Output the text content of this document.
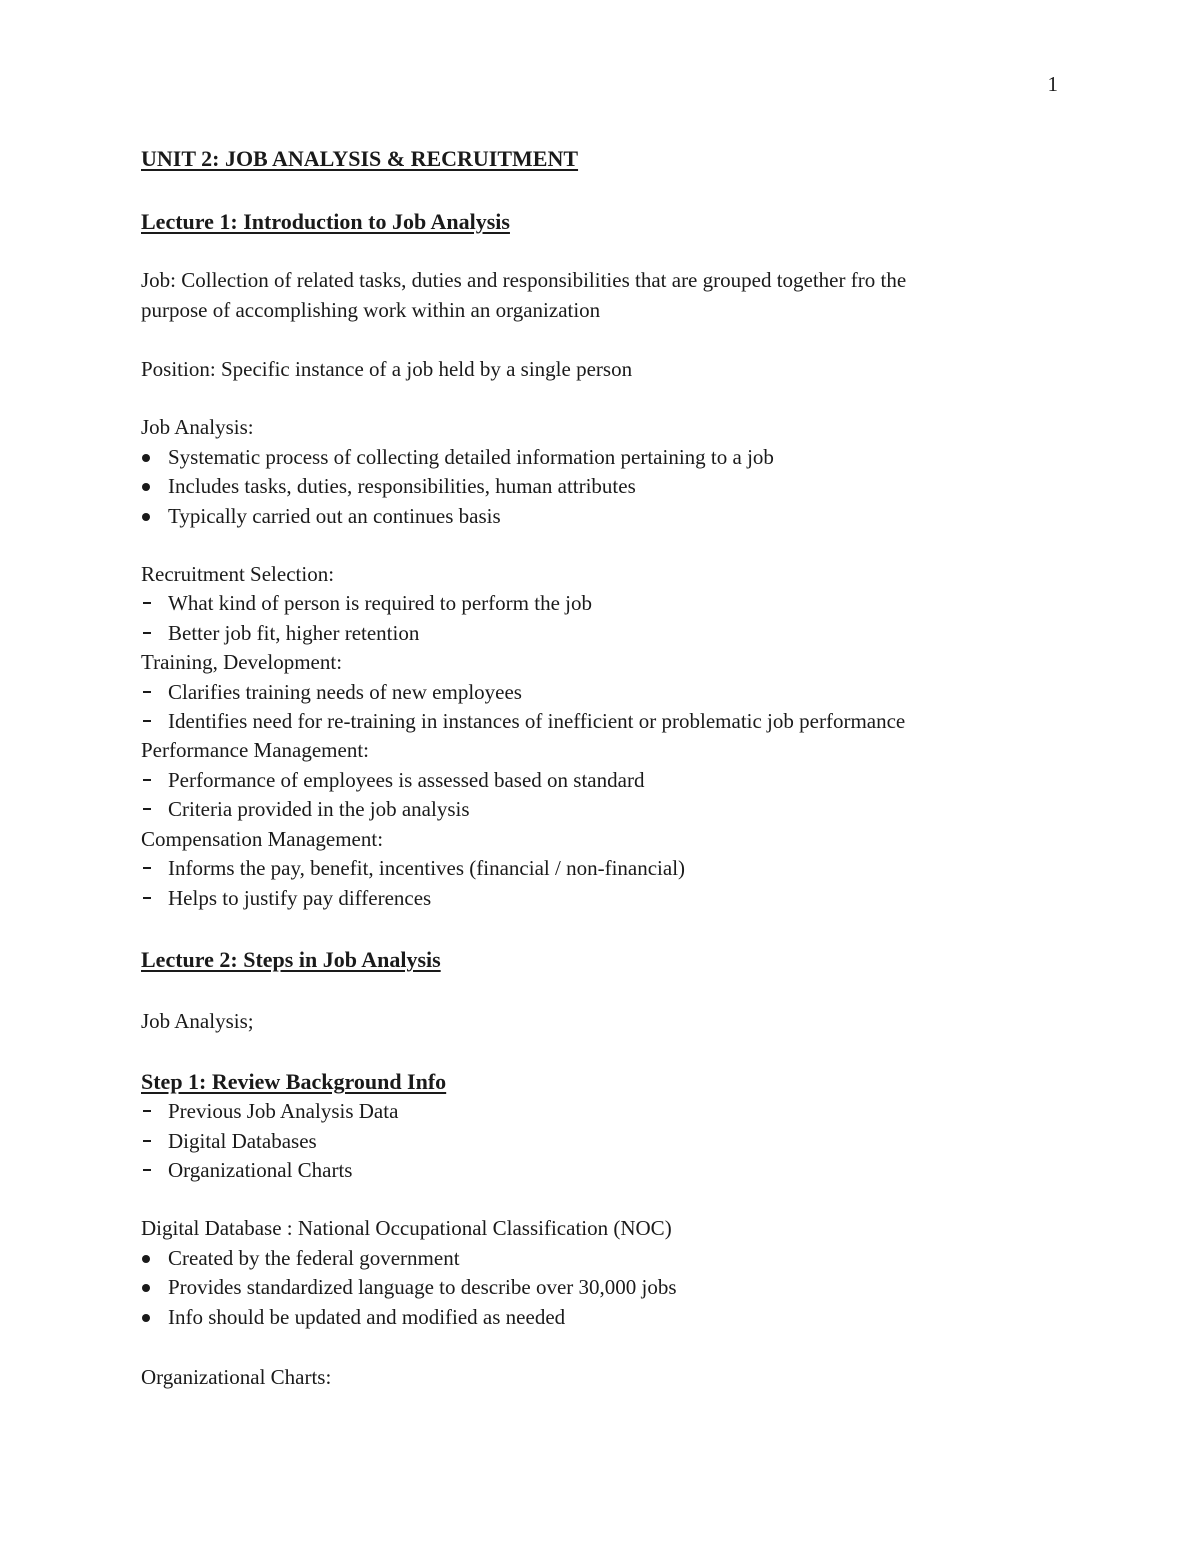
1
UNIT 2: JOB ANALYSIS & RECRUITMENT
Lecture 1: Introduction to Job Analysis
Job: Collection of related tasks, duties and responsibilities that are grouped together fro the
purpose of accomplishing work within an organization
Position: Specific instance of a job held by a single person
Job Analysis:
Systematic process of collecting detailed information pertaining to a job
Includes tasks, duties, responsibilities, human attributes
Typically carried out an continues basis
Recruitment Selection:
What kind of person is required to perform the job
Better job fit, higher retention
Training, Development:
Clarifies training needs of new employees
Identifies need for re-training in instances of inefficient or problematic job performance
Performance Management:
Performance of employees is assessed based on standard
Criteria provided in the job analysis
Compensation Management:
Informs the pay, benefit, incentives (financial / non-financial)
Helps to justify pay differences
Lecture 2: Steps in Job Analysis
Job Analysis;
Step 1: Review Background Info
Previous Job Analysis Data
Digital Databases
Organizational Charts
Digital Database : National Occupational Classification (NOC)
Created by the federal government
Provides standardized language to describe over 30,000 jobs
Info should be updated and modified as needed
Organizational Charts:
